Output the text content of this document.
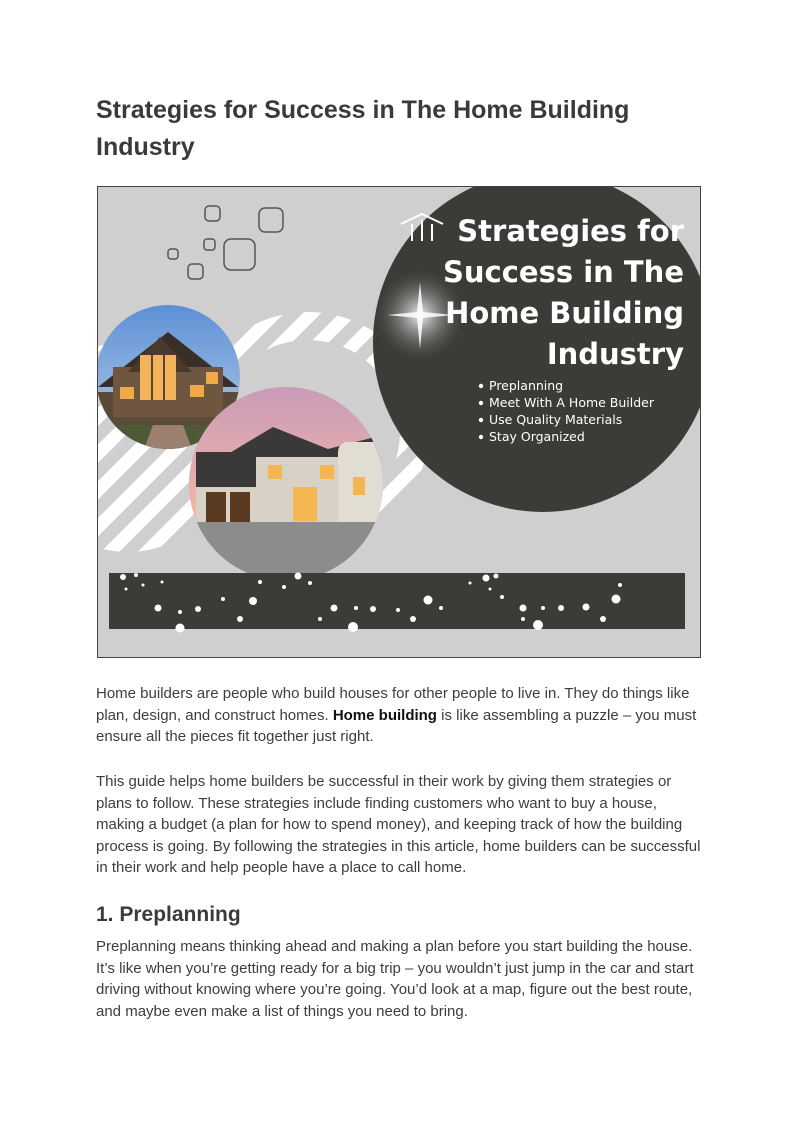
Strategies for Success in The Home Building Industry
Strategies for
Success in The
Home Building
Industry
Preplanning
Meet With A Home Builder
Use Quality Materials
Stay Organized

Home builders are people who build houses for other people to live in. They do things like plan, design, and construct homes. Home building is like assembling a puzzle – you must ensure all the pieces fit together just right.

This guide helps home builders be successful in their work by giving them strategies or plans to follow. These strategies include finding customers who want to buy a house, making a budget (a plan for how to spend money), and keeping track of how the building process is going. By following the strategies in this article, home builders can be successful in their work and help people have a place to call home.

1. Preplanning

Preplanning means thinking ahead and making a plan before you start building the house. It’s like when you’re getting ready for a big trip – you wouldn’t just jump in the car and start driving without knowing where you’re going. You’d look at a map, figure out the best route, and maybe even make a list of things you need to bring.
